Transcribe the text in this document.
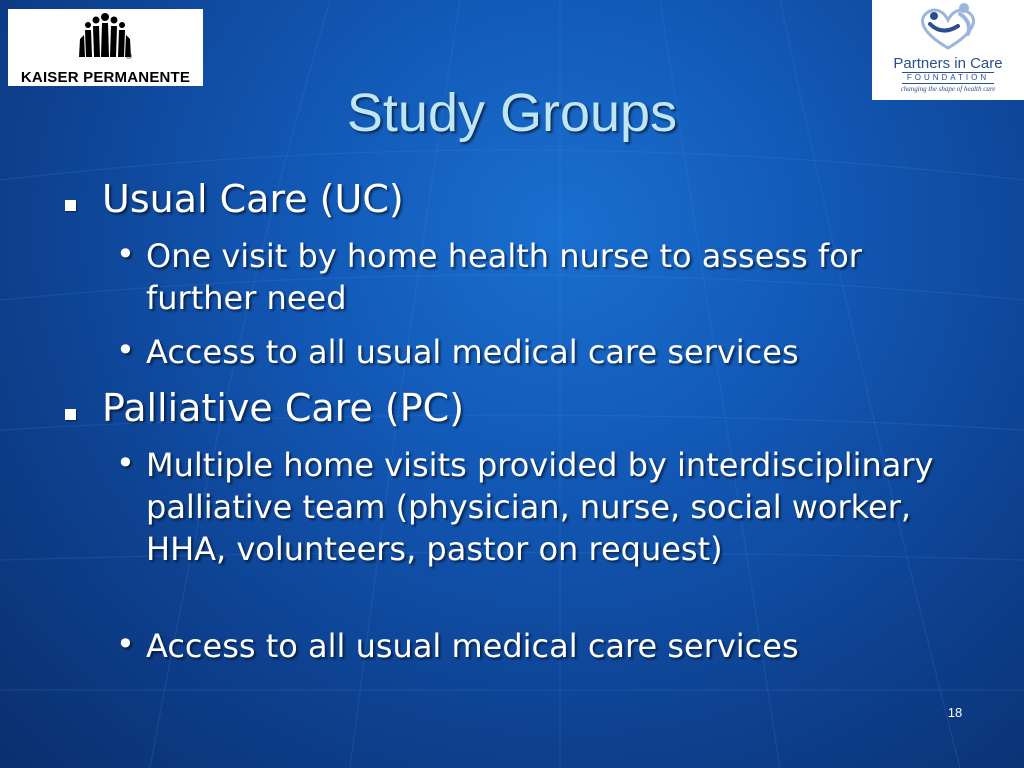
®
KAISER PERMANENTE
Partners in Care
FOUNDATION
changing the shape of health care
Study Groups
Usual Care (UC)
• One visit by home health nurse to assess for further need
• Access to all usual medical care services
Palliative Care (PC)
• Multiple home visits provided by interdisciplinary palliative team (physician, nurse, social worker, HHA, volunteers, pastor on request)
• Access to all usual medical care services
18
